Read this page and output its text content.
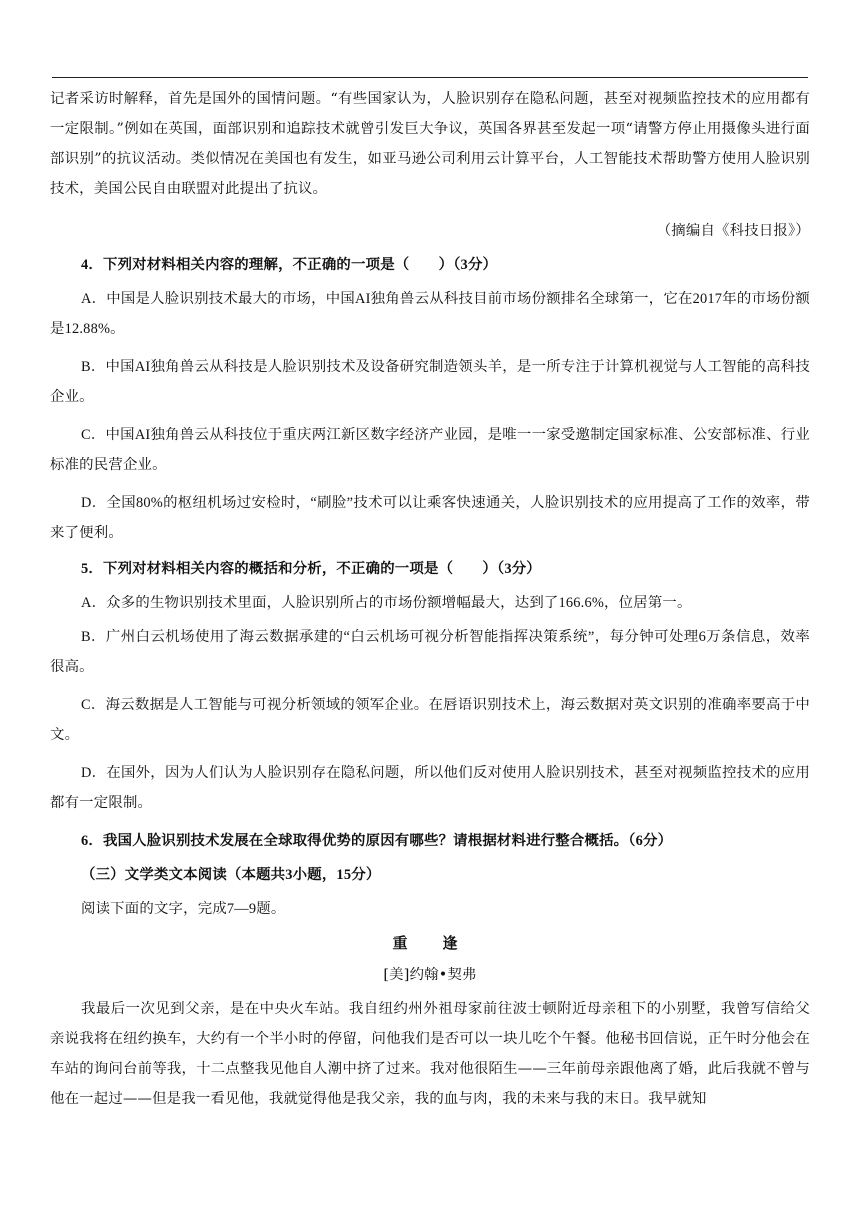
记者采访时解释，首先是国外的国情问题。“有些国家认为，人脸识别存在隐私问题，甚至对视频监控技术的应用都有一定限制。”例如在英国，面部识别和追踪技术就曾引发巨大争议，英国各界甚至发起一项“请警方停止用摄像头进行面部识别”的抗议活动。类似情况在美国也有发生，如亚马逊公司利用云计算平台，人工智能技术帮助警方使用人脸识别技术，美国公民自由联盟对此提出了抗议。

（摘编自《科技日报》）

4．下列对材料相关内容的理解，不正确的一项是（　　）（3分）

A．中国是人脸识别技术最大的市场，中国AI独角兽云从科技目前市场份额排名全球第一，它在2017年的市场份额是12.88%。

B．中国AI独角兽云从科技是人脸识别技术及设备研究制造领头羊，是一所专注于计算机视觉与人工智能的高科技企业。

C．中国AI独角兽云从科技位于重庆两江新区数字经济产业园，是唯一一家受邀制定国家标准、公安部标准、行业标准的民营企业。

D．全国80%的枢纽机场过安检时，“刷脸”技术可以让乘客快速通关，人脸识别技术的应用提高了工作的效率，带来了便利。

5．下列对材料相关内容的概括和分析，不正确的一项是（　　）（3分）

A．众多的生物识别技术里面，人脸识别所占的市场份额增幅最大，达到了166.6%，位居第一。

B．广州白云机场使用了海云数据承建的“白云机场可视分析智能指挥决策系统”，每分钟可处理6万条信息，效率很高。

C．海云数据是人工智能与可视分析领域的领军企业。在唇语识别技术上，海云数据对英文识别的准确率要高于中文。

D．在国外，因为人们认为人脸识别存在隐私问题，所以他们反对使用人脸识别技术，甚至对视频监控技术的应用都有一定限制。

6．我国人脸识别技术发展在全球取得优势的原因有哪些？请根据材料进行整合概括。（6分）

（三）文学类文本阅读（本题共3小题，15分）

阅读下面的文字，完成7—9题。

重　逢

[美]约翰•契弗

我最后一次见到父亲，是在中央火车站。我自纽约州外祖母家前往波士顿附近母亲租下的小别墅，我曾写信给父亲说我将在纽约换车，大约有一个半小时的停留，问他我们是否可以一块儿吃个午餐。他秘书回信说，正午时分他会在车站的询问台前等我，十二点整我见他自人潮中挤了过来。我对他很陌生——三年前母亲跟他离了婚，此后我就不曾与他在一起过——但是我一看见他，我就觉得他是我父亲，我的血与肉，我的未来与我的末日。我早就知
